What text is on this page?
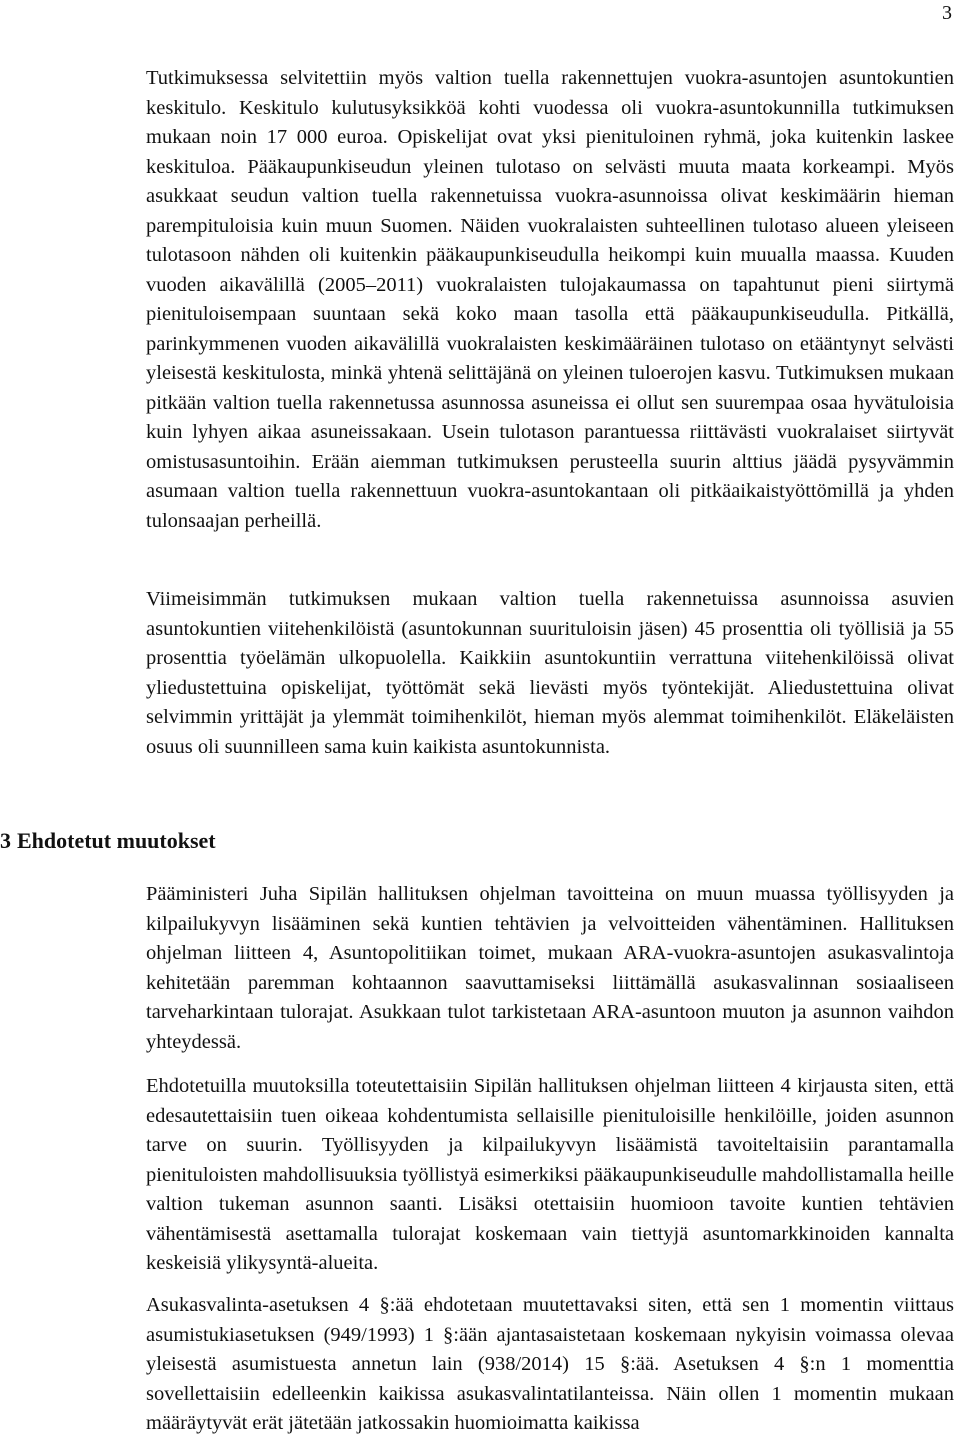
3

Tutkimuksessa selvitettiin myös valtion tuella rakennettujen vuokra-asuntojen asuntokuntien keskitulo. Keskitulo kulutusyksikköä kohti vuodessa oli vuokra-asuntokunnilla tutkimuksen mukaan noin 17 000 euroa. Opiskelijat ovat yksi pienituloinen ryhmä, joka kuitenkin laskee keskituloa. Pääkaupunkiseudun yleinen tulotaso on selvästi muuta maata korkeampi. Myös asukkaat seudun valtion tuella rakennetuissa vuokra-asunnoissa olivat keskimäärin hieman parempituloisia kuin muun Suomen. Näiden vuokralaisten suhteellinen tulotaso alueen yleiseen tulotasoon nähden oli kuitenkin pääkaupunkiseudulla heikompi kuin muualla maassa. Kuuden vuoden aikavälillä (2005–2011) vuokralaisten tulojakaumassa on tapahtunut pieni siirtymä pienituloisempaan suuntaan sekä koko maan tasolla että pääkaupunkiseudulla. Pitkällä, parinkymmenen vuoden aikavälillä vuokralaisten keskimääräinen tulotaso on etääntynyt selvästi yleisestä keskitulosta, minkä yhtenä selittäjänä on yleinen tuloerojen kasvu. Tutkimuksen mukaan pitkään valtion tuella rakennetussa asunnossa asuneissa ei ollut sen suurempaa osaa hyvätuloisia kuin lyhyen aikaa asuneissakaan. Usein tulotason parantuessa riittävästi vuokralaiset siirtyvät omistusasuntoihin. Erään aiemman tutkimuksen perusteella suurin alttius jäädä pysyvämmin asumaan valtion tuella rakennettuun vuokra-asuntokantaan oli pitkäaikaistyöttömillä ja yhden tulonsaajan perheillä.

Viimeisimmän tutkimuksen mukaan valtion tuella rakennetuissa asunnoissa asuvien asuntokuntien viitehenkilöistä (asuntokunnan suurituloisin jäsen) 45 prosenttia oli työllisiä ja 55 prosenttia työelämän ulkopuolella. Kaikkiin asuntokuntiin verrattuna viitehenkilöissä olivat yliedustettuina opiskelijat, työttömät sekä lievästi myös työntekijät. Aliedustettuina olivat selvimmin yrittäjät ja ylemmät toimihenkilöt, hieman myös alemmat toimihenkilöt. Eläkeläisten osuus oli suunnilleen sama kuin kaikista asuntokunnista.

3 Ehdotetut muutokset

Pääministeri Juha Sipilän hallituksen ohjelman tavoitteina on muun muassa työllisyyden ja kilpailukyvyn lisääminen sekä kuntien tehtävien ja velvoitteiden vähentäminen. Hallituksen ohjelman liitteen 4, Asuntopolitiikan toimet, mukaan ARA-vuokra-asuntojen asukasvalintoja kehitetään paremman kohtaannon saavuttamiseksi liittämällä asukasvalinnan sosiaaliseen tarveharkintaan tulorajat. Asukkaan tulot tarkistetaan ARA-asuntoon muuton ja asunnon vaihdon yhteydessä.

Ehdotetuilla muutoksilla toteutettaisiin Sipilän hallituksen ohjelman liitteen 4 kirjausta siten, että edesautettaisiin tuen oikeaa kohdentumista sellaisille pienituloisille henkilöille, joiden asunnon tarve on suurin. Työllisyyden ja kilpailukyvyn lisäämistä tavoiteltaisiin parantamalla pienituloisten mahdollisuuksia työllistyä esimerkiksi pääkaupunkiseudulle mahdollistamalla heille valtion tukeman asunnon saanti. Lisäksi otettaisiin huomioon tavoite kuntien tehtävien vähentämisestä asettamalla tulorajat koskemaan vain tiettyjä asuntomarkkinoiden kannalta keskeisiä ylikysyntä-alueita.

Asukasvalinta-asetuksen 4 §:ää ehdotetaan muutettavaksi siten, että sen 1 momentin viittaus asumistukiasetuksen (949/1993) 1 §:ään ajantasaistetaan koskemaan nykyisin voimassa olevaa yleisestä asumistuesta annetun lain (938/2014) 15 §:ää. Asetuksen 4 §:n 1 momenttia sovellettaisiin edelleenkin kaikissa asukasvalintatilanteissa. Näin ollen 1 momentin mukaan määräytyvät erät jätetään jatkossakin huomioimatta kaikissa
